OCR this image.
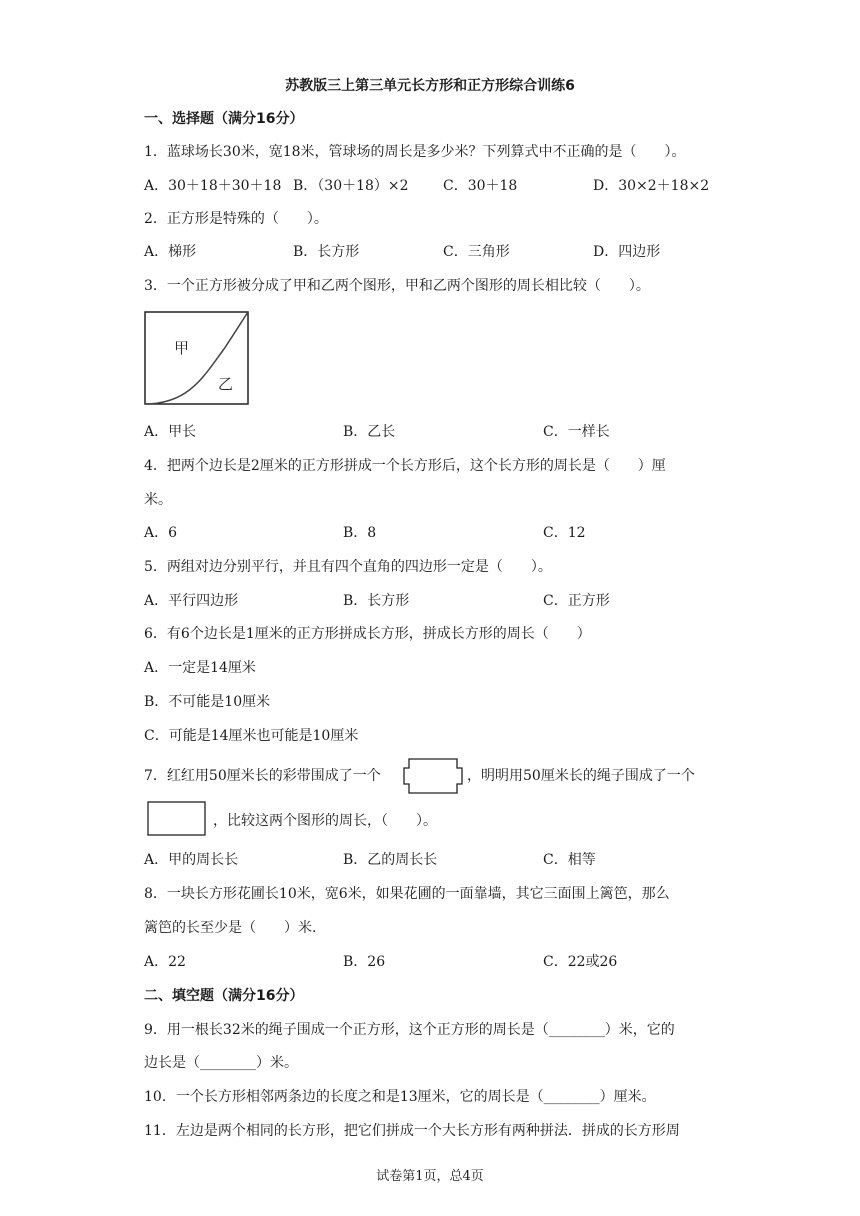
苏教版三上第三单元长方形和正方形综合训练6
一、选择题（满分16分）
1．蓝球场长30米，宽18米，管球场的周长是多少米？下列算式中不正确的是（　　）。
A．30＋18＋30＋18 B．（30＋18）×2 C．30＋18	D．30×2＋18×2
2．正方形是特殊的（　　）。
A．梯形	B．长方形	C．三角形	D．四边形
3．一个正方形被分成了甲和乙两个图形，甲和乙两个图形的周长相比较（　　）。
甲
乙
A．甲长	B．乙长	C．一样长
4．把两个边长是2厘米的正方形拼成一个长方形后，这个长方形的周长是（　　）厘
米。
A．6	B．8	C．12
5．两组对边分别平行，并且有四个直角的四边形一定是（　　）。
A．平行四边形	B．长方形	C．正方形
6．有6个边长是1厘米的正方形拼成长方形，拼成长方形的周长（　　）
A．一定是14厘米
B．不可能是10厘米
C．可能是14厘米也可能是10厘米
7．红红用50厘米长的彩带围成了一个	，明明用50厘米长的绳子围成了一个
，比较这两个图形的周长，（　　）。
A．甲的周长长	B．乙的周长长	C．相等
8．一块长方形花圃长10米，宽6米，如果花圃的一面靠墙，其它三面围上篱笆，那么
篱笆的长至少是（　　）米.
A．22	B．26	C．22或26
二、填空题（满分16分）
9．用一根长32米的绳子围成一个正方形，这个正方形的周长是（________）米，它的
边长是（________）米。
10．一个长方形相邻两条边的长度之和是13厘米，它的周长是（________）厘米。
11．左边是两个相同的长方形，把它们拼成一个大长方形有两种拼法．拼成的长方形周
试卷第1页，总4页
